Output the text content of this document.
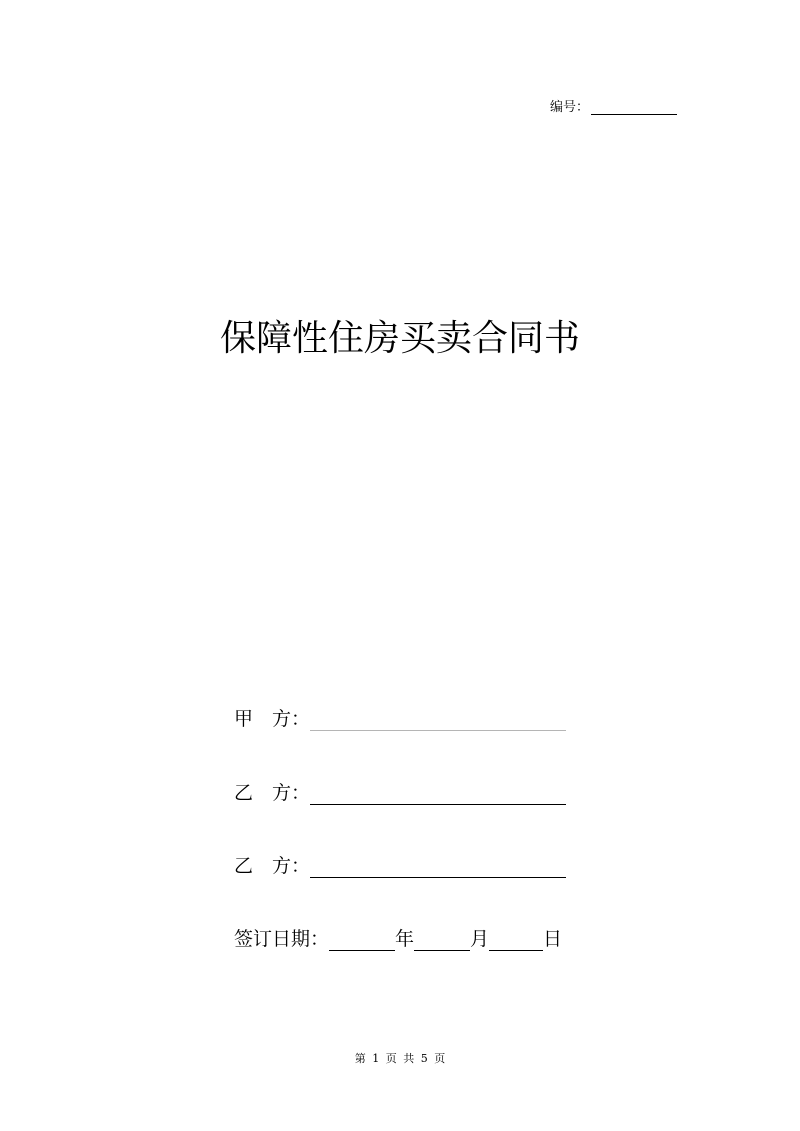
编号：
保障性住房买卖合同书
甲 方：
乙 方：
乙 方：
签订日期：	年	月	日
第 1 页 共 5 页
